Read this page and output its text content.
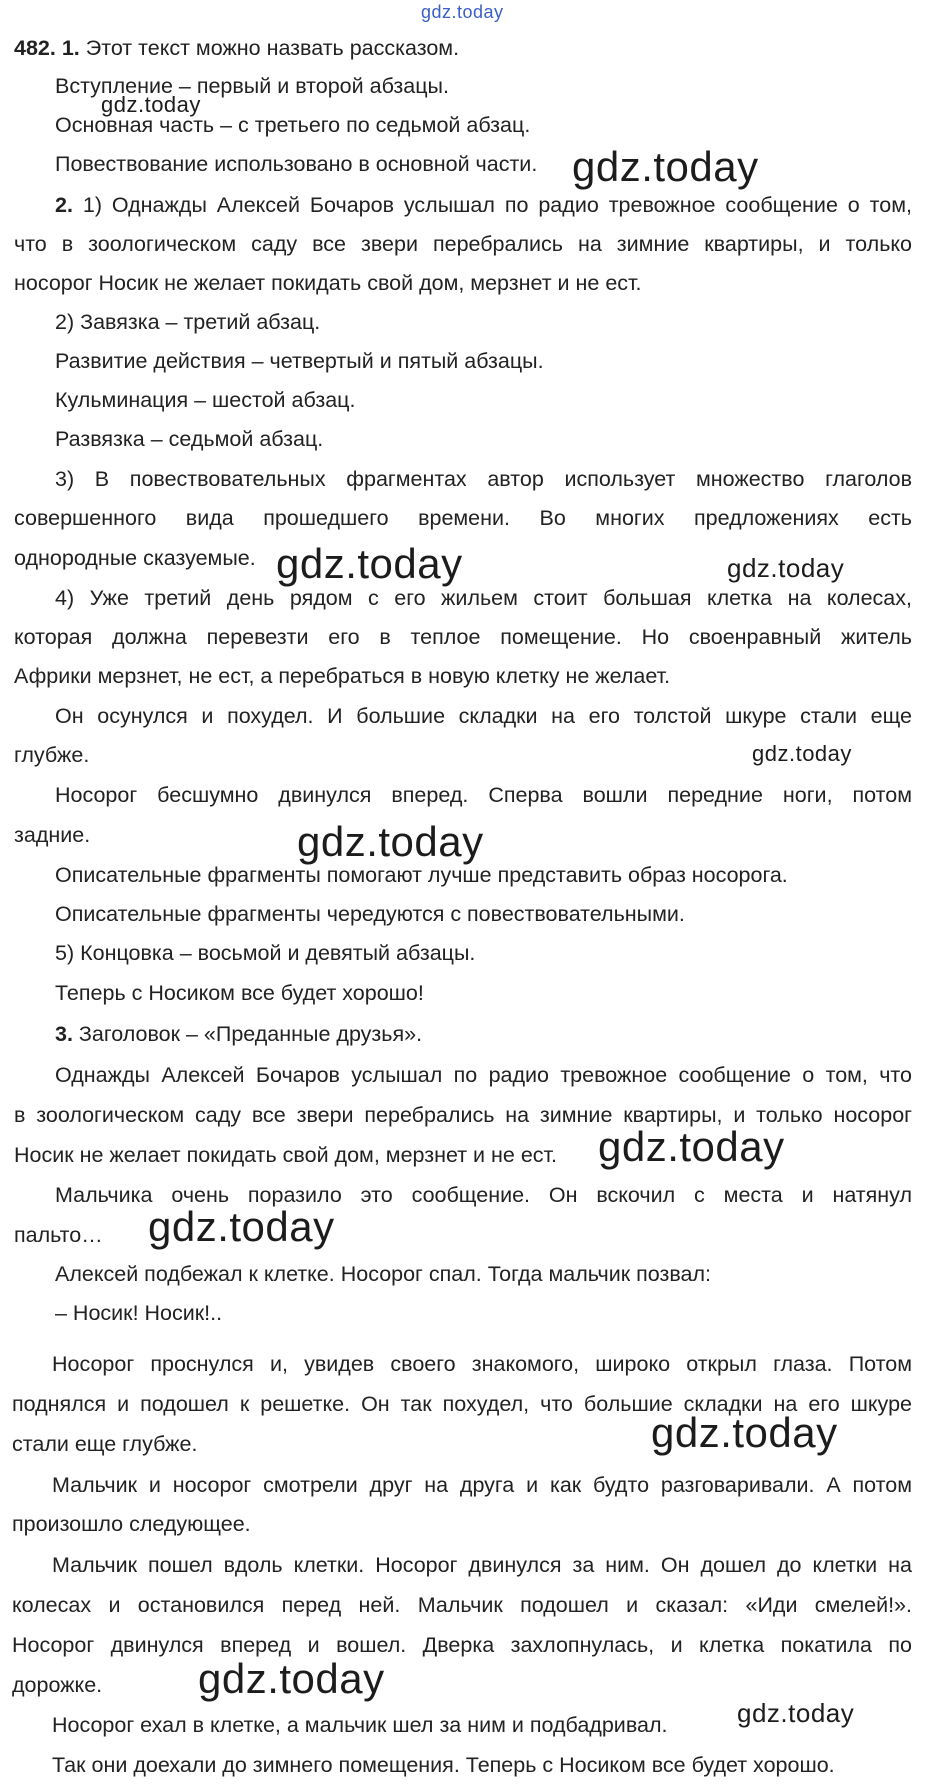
gdz.today
gdz.today
gdz.today
gdz.today	gdz.today
gdz.today
gdz.today
gdz.today
gdz.today
gdz.today
gdz.today
gdz.today
482. 1. Этот текст можно назвать рассказом.
Вступление – первый и второй абзацы.
Основная часть – с третьего по седьмой абзац.
Повествование использовано в основной части.
2. 1) Однажды Алексей Бочаров услышал по радио тревожное сообщение о том,
что в зоологическом саду все звери перебрались на зимние квартиры, и только
носорог Носик не желает покидать свой дом, мерзнет и не ест.
2) Завязка – третий абзац.
Развитие действия – четвертый и пятый абзацы.
Кульминация – шестой абзац.
Развязка – седьмой абзац.
3) В повествовательных фрагментах автор использует множество глаголов
совершенного вида прошедшего времени. Во многих предложениях есть
однородные сказуемые.
4) Уже третий день рядом с его жильем стоит большая клетка на колесах,
которая должна перевезти его в теплое помещение. Но своенравный житель
Африки мерзнет, не ест, а перебраться в новую клетку не желает.
Он осунулся и похудел. И большие складки на его толстой шкуре стали еще
глубже.
Носорог бесшумно двинулся вперед. Сперва вошли передние ноги, потом
задние.
Описательные фрагменты помогают лучше представить образ носорога.
Описательные фрагменты чередуются с повествовательными.
5) Концовка – восьмой и девятый абзацы.
Теперь с Носиком все будет хорошо!
3. Заголовок – «Преданные друзья».
Однажды Алексей Бочаров услышал по радио тревожное сообщение о том, что
в зоологическом саду все звери перебрались на зимние квартиры, и только носорог
Носик не желает покидать свой дом, мерзнет и не ест.
Мальчика очень поразило это сообщение. Он вскочил с места и натянул
пальто…
Алексей подбежал к клетке. Носорог спал. Тогда мальчик позвал:
– Носик! Носик!..
Носорог проснулся и, увидев своего знакомого, широко открыл глаза. Потом
поднялся и подошел к решетке. Он так похудел, что большие складки на его шкуре
стали еще глубже.
Мальчик и носорог смотрели друг на друга и как будто разговаривали. А потом
произошло следующее.
Мальчик пошел вдоль клетки. Носорог двинулся за ним. Он дошел до клетки на
колесах и остановился перед ней. Мальчик подошел и сказал: «Иди смелей!».
Носорог двинулся вперед и вошел. Дверка захлопнулась, и клетка покатила по
дорожке.
Носорог ехал в клетке, а мальчик шел за ним и подбадривал.
Так они доехали до зимнего помещения. Теперь с Носиком все будет хорошо.
